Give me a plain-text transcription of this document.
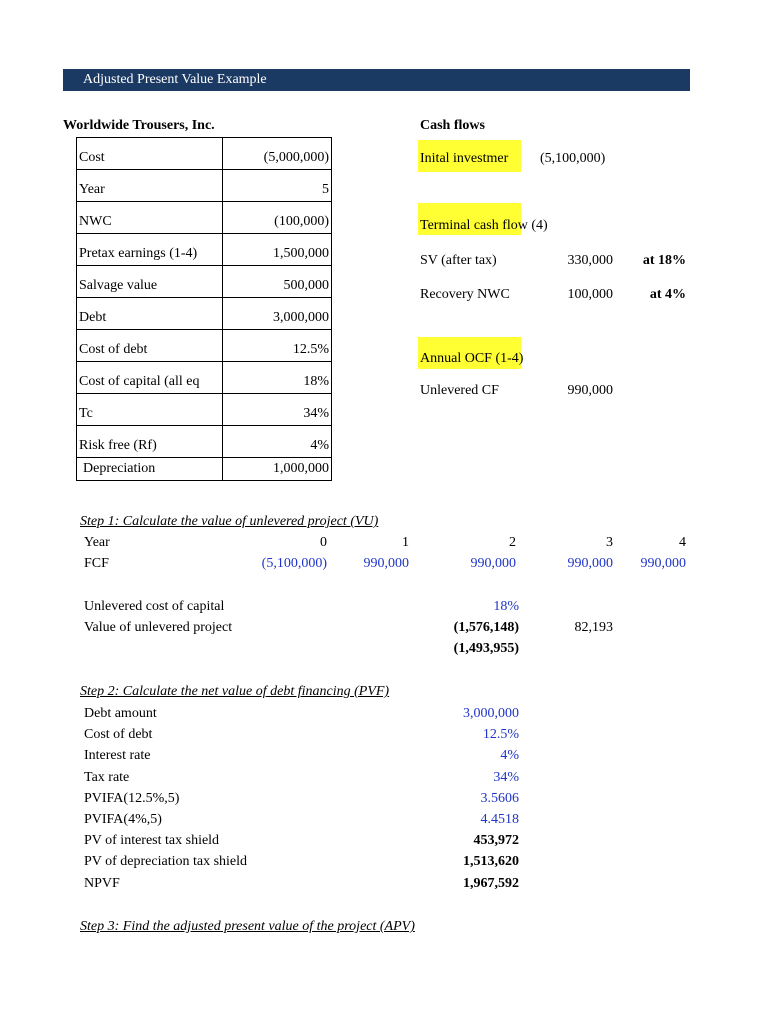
Adjusted Present Value Example
Worldwide Trousers, Inc.
Cost	(5,000,000)
Year	5
NWC	(100,000)
Pretax earnings (1-4)	1,500,000
Salvage value	500,000
Debt	3,000,000
Cost of debt	12.5%
Cost of capital (all eq	18%
Tc	34%
Risk free (Rf)	4%
Depreciation	1,000,000
Cash flows
Inital investmer	(5,100,000)
Terminal cash flow (4)
SV (after tax)	330,000	at 18%
Recovery NWC	100,000	at 4%
Annual OCF (1-4)
Unlevered CF	990,000
Step 1: Calculate the value of unlevered project (VU)
Year	0	1	2	3	4
FCF	(5,100,000)	990,000	990,000	990,000	990,000
Unlevered cost of capital	18%
Value of unlevered project	(1,576,148)	82,193
(1,493,955)
Step 2: Calculate the net value of debt financing (PVF)
Debt amount	3,000,000
Cost of debt	12.5%
Interest rate	4%
Tax rate	34%
PVIFA(12.5%,5)	3.5606
PVIFA(4%,5)	4.4518
PV of interest tax shield	453,972
PV of depreciation tax shield	1,513,620
NPVF	1,967,592
Step 3: Find the adjusted present value of the project (APV)
